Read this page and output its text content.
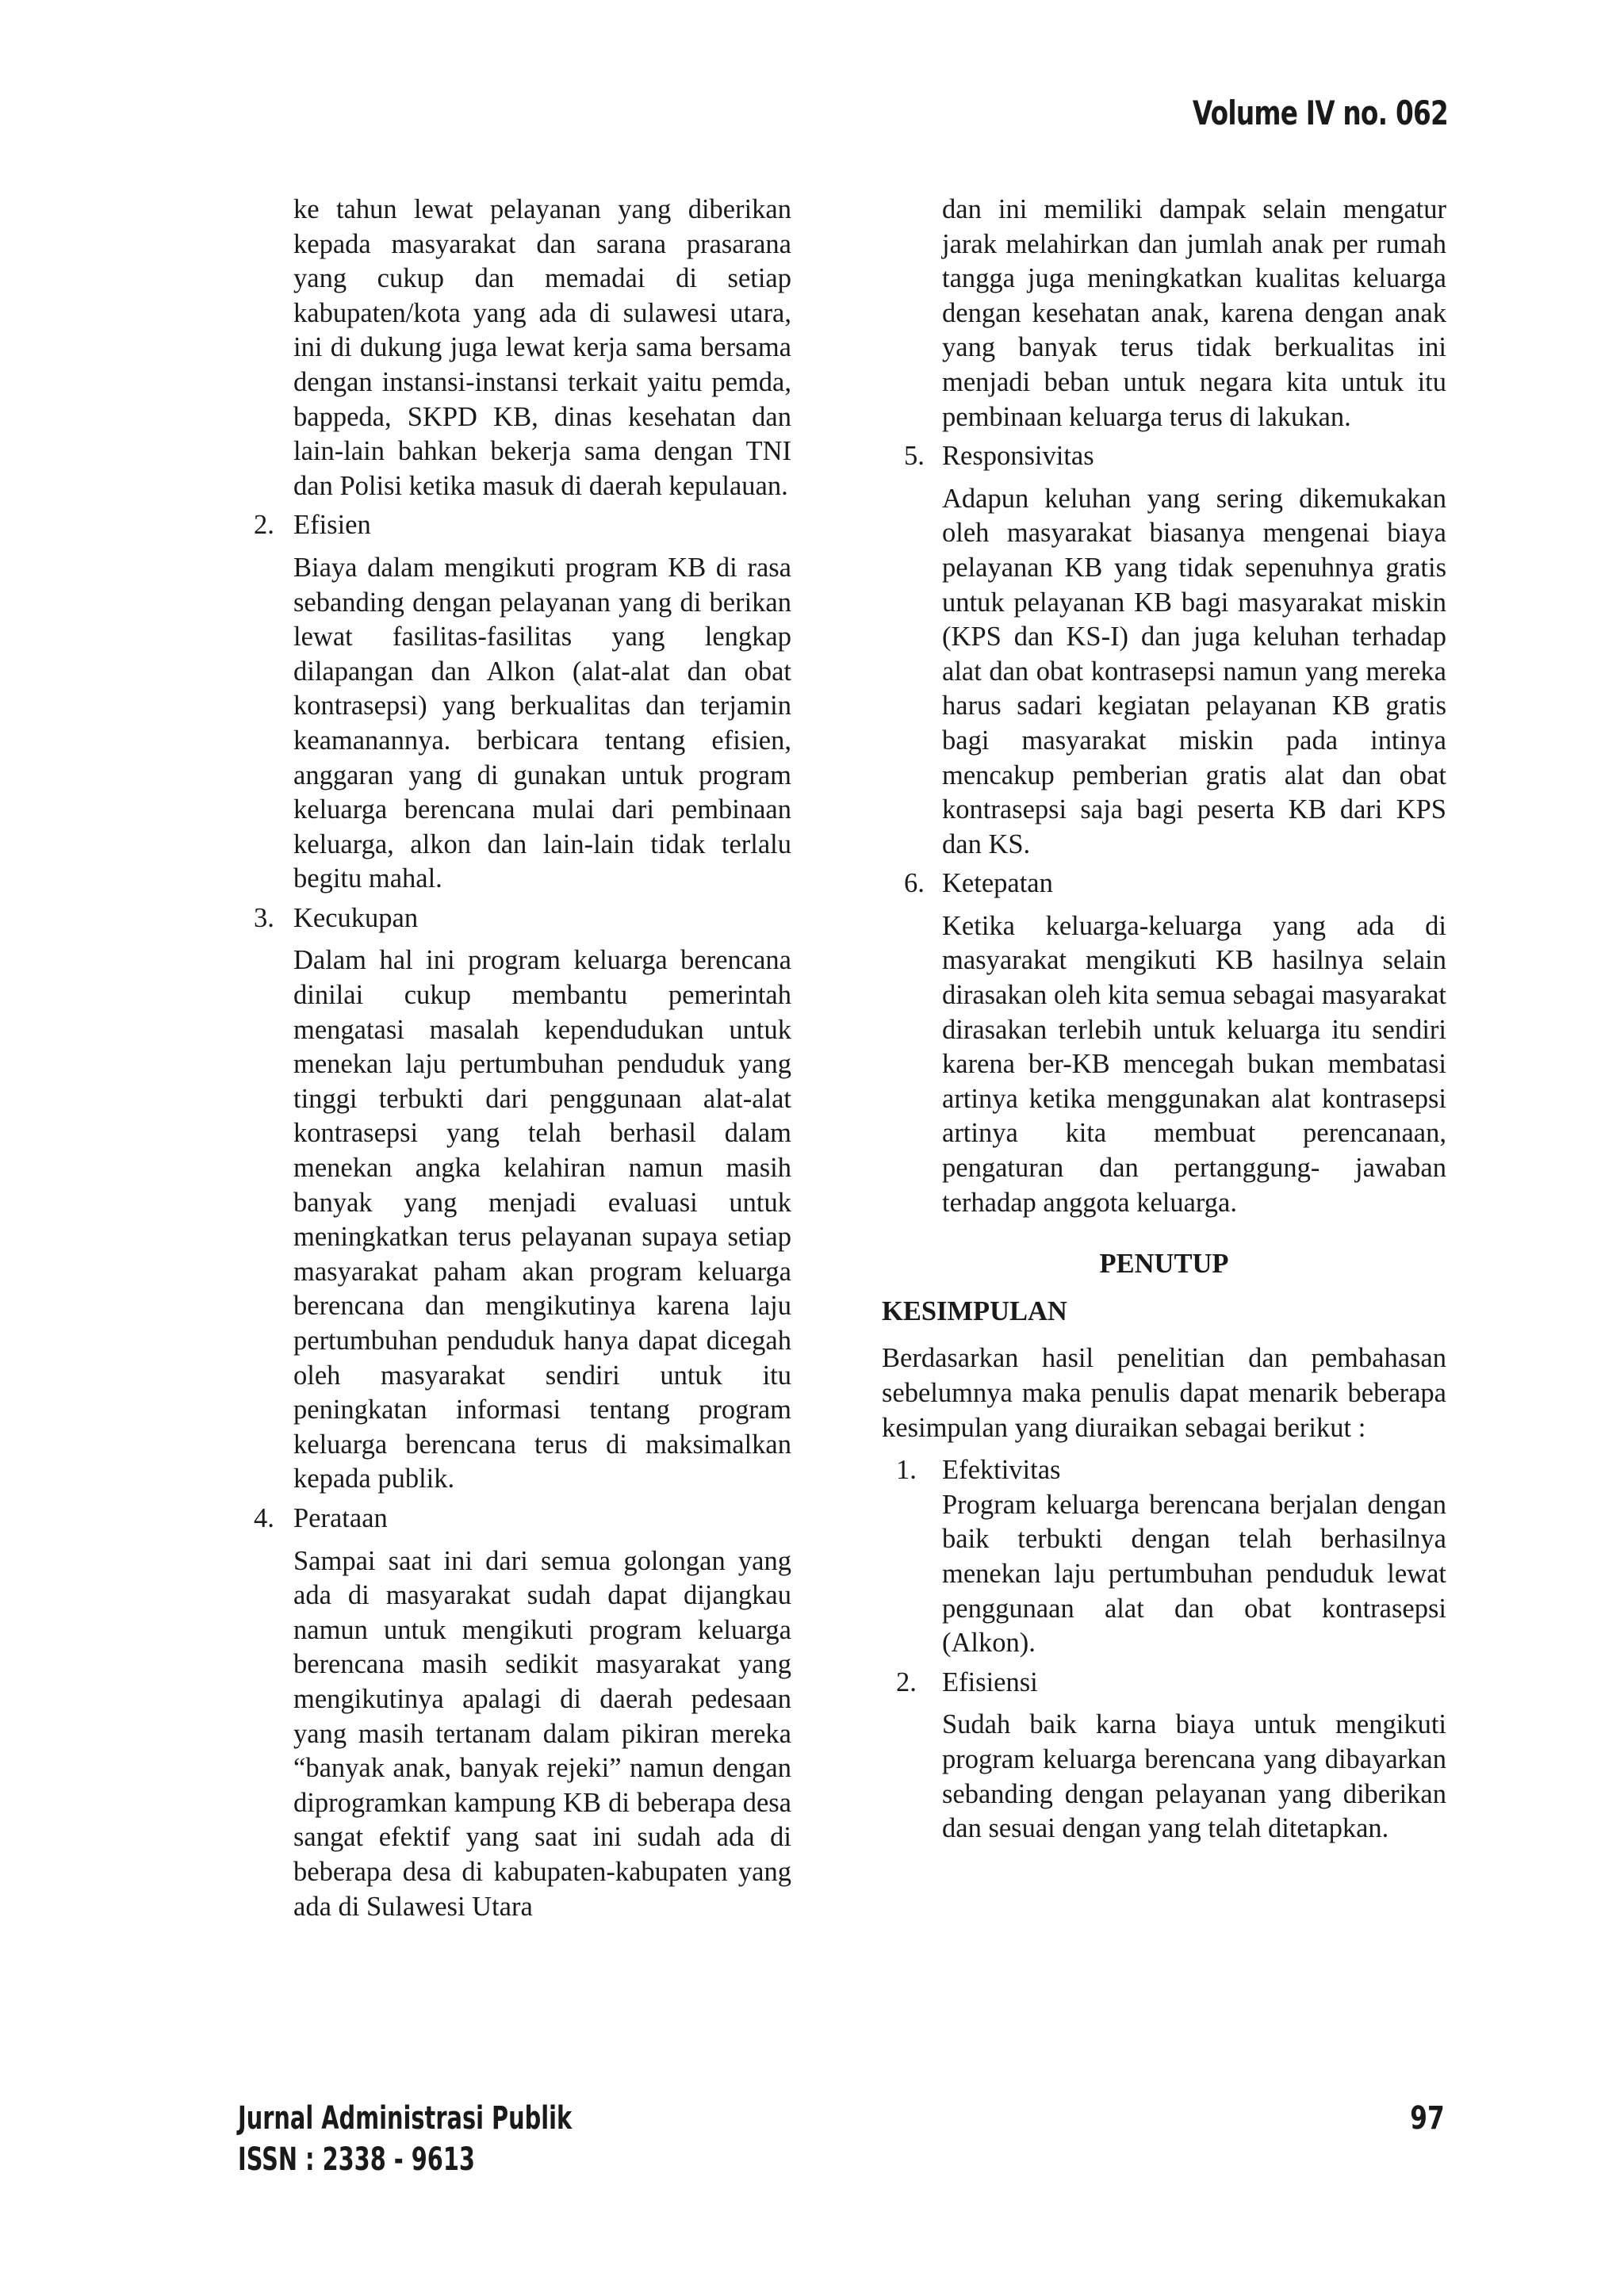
Volume IV no. 062

ke tahun lewat pelayanan yang diberikan kepada masyarakat dan sarana prasarana yang cukup dan memadai di setiap kabupaten/kota yang ada di sulawesi utara, ini di dukung juga lewat kerja sama bersama dengan instansi-instansi terkait yaitu pemda, bappeda, SKPD KB, dinas kesehatan dan lain-lain bahkan bekerja sama dengan TNI dan Polisi ketika masuk di daerah kepulauan.

2. Efisien

Biaya dalam mengikuti program KB di rasa sebanding dengan pelayanan yang di berikan lewat fasilitas-fasilitas yang lengkap dilapangan dan Alkon (alat-alat dan obat kontrasepsi) yang berkualitas dan terjamin keamanannya. berbicara tentang efisien, anggaran yang di gunakan untuk program keluarga berencana mulai dari pembinaan keluarga, alkon dan lain-lain tidak terlalu begitu mahal.

3. Kecukupan

Dalam hal ini program keluarga berencana dinilai cukup membantu pemerintah mengatasi masalah kependudukan untuk menekan laju pertumbuhan penduduk yang tinggi terbukti dari penggunaan alat-alat kontrasepsi yang telah berhasil dalam menekan angka kelahiran namun masih banyak yang menjadi evaluasi untuk meningkatkan terus pelayanan supaya setiap masyarakat paham akan program keluarga berencana dan mengikutinya karena laju pertumbuhan penduduk hanya dapat dicegah oleh masyarakat sendiri untuk itu peningkatan informasi tentang program keluarga berencana terus di maksimalkan kepada publik.

4. Perataan

Sampai saat ini dari semua golongan yang ada di masyarakat sudah dapat dijangkau namun untuk mengikuti program keluarga berencana masih sedikit masyarakat yang mengikutinya apalagi di daerah pedesaan yang masih tertanam dalam pikiran mereka “banyak anak, banyak rejeki” namun dengan diprogramkan kampung KB di beberapa desa sangat efektif yang saat ini sudah ada di beberapa desa di kabupaten-kabupaten yang ada di Sulawesi Utara

dan ini memiliki dampak selain mengatur jarak melahirkan dan jumlah anak per rumah tangga juga meningkatkan kualitas keluarga dengan kesehatan anak, karena dengan anak yang banyak terus tidak berkualitas ini menjadi beban untuk negara kita untuk itu pembinaan keluarga terus di lakukan.

5. Responsivitas

Adapun keluhan yang sering dikemukakan oleh masyarakat biasanya mengenai biaya pelayanan KB yang tidak sepenuhnya gratis untuk pelayanan KB bagi masyarakat miskin (KPS dan KS-I) dan juga keluhan terhadap alat dan obat kontrasepsi namun yang mereka harus sadari kegiatan pelayanan KB gratis bagi masyarakat miskin pada intinya mencakup pemberian gratis alat dan obat kontrasepsi saja bagi peserta KB dari KPS dan KS.

6. Ketepatan

Ketika keluarga-keluarga yang ada di masyarakat mengikuti KB hasilnya selain dirasakan oleh kita semua sebagai masyarakat dirasakan terlebih untuk keluarga itu sendiri karena ber-KB mencegah bukan membatasi artinya ketika menggunakan alat kontrasepsi artinya kita membuat perencanaan, pengaturan dan pertanggung- jawaban terhadap anggota keluarga.

PENUTUP
KESIMPULAN

Berdasarkan hasil penelitian dan pembahasan sebelumnya maka penulis dapat menarik beberapa kesimpulan yang diuraikan sebagai berikut :

1. Efektivitas

Program keluarga berencana berjalan dengan baik terbukti dengan telah berhasilnya menekan laju pertumbuhan penduduk lewat penggunaan alat dan obat kontrasepsi (Alkon).

2. Efisiensi

Sudah baik karna biaya untuk mengikuti program keluarga berencana yang dibayarkan sebanding dengan pelayanan yang diberikan dan sesuai dengan yang telah ditetapkan.

Jurnal Administrasi Publik
ISSN : 2338 - 9613
97
